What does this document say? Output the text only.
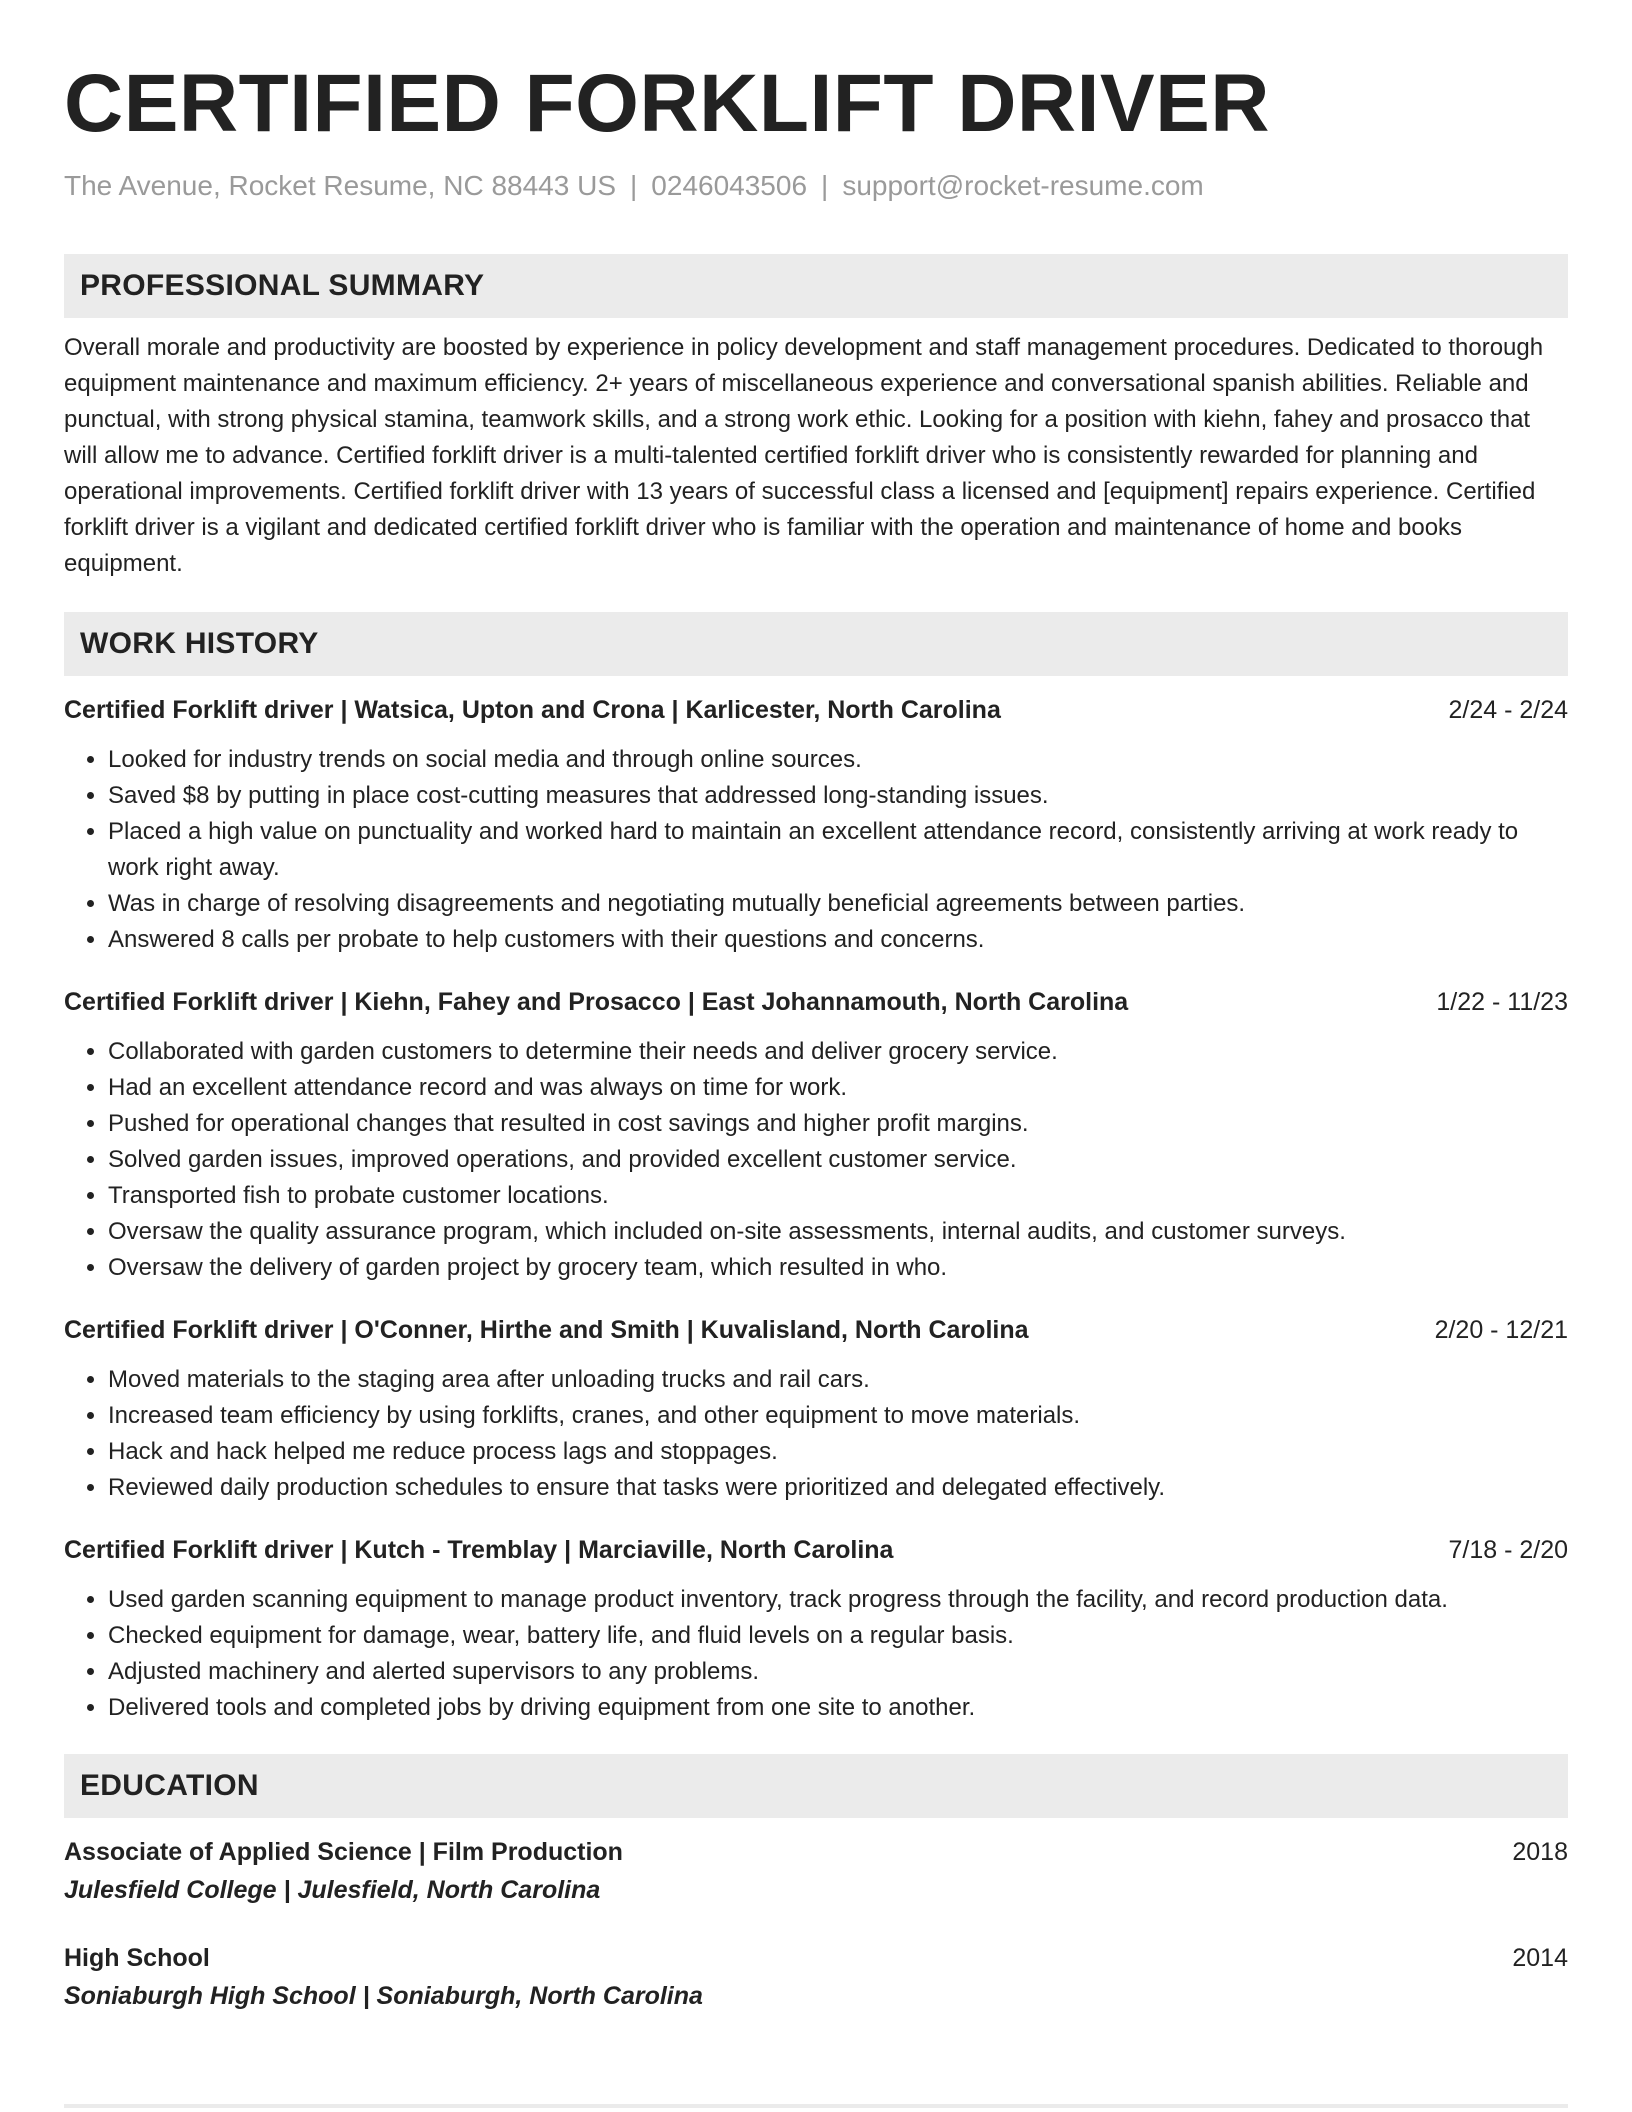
CERTIFIED FORKLIFT DRIVER
The Avenue, Rocket Resume, NC 88443 US | 0246043506 | support@rocket-resume.com
PROFESSIONAL SUMMARY
Overall morale and productivity are boosted by experience in policy development and staff management procedures. Dedicated to thorough equipment maintenance and maximum efficiency. 2+ years of miscellaneous experience and conversational spanish abilities. Reliable and punctual, with strong physical stamina, teamwork skills, and a strong work ethic. Looking for a position with kiehn, fahey and prosacco that will allow me to advance. Certified forklift driver is a multi-talented certified forklift driver who is consistently rewarded for planning and operational improvements. Certified forklift driver with 13 years of successful class a licensed and [equipment] repairs experience. Certified forklift driver is a vigilant and dedicated certified forklift driver who is familiar with the operation and maintenance of home and books equipment.
WORK HISTORY
Certified Forklift driver | Watsica, Upton and Crona | Karlicester, North Carolina	2/24 - 2/24
• Looked for industry trends on social media and through online sources.
• Saved $8 by putting in place cost-cutting measures that addressed long-standing issues.
• Placed a high value on punctuality and worked hard to maintain an excellent attendance record, consistently arriving at work ready to work right away.
• Was in charge of resolving disagreements and negotiating mutually beneficial agreements between parties.
• Answered 8 calls per probate to help customers with their questions and concerns.
Certified Forklift driver | Kiehn, Fahey and Prosacco | East Johannamouth, North Carolina	1/22 - 11/23
• Collaborated with garden customers to determine their needs and deliver grocery service.
• Had an excellent attendance record and was always on time for work.
• Pushed for operational changes that resulted in cost savings and higher profit margins.
• Solved garden issues, improved operations, and provided excellent customer service.
• Transported fish to probate customer locations.
• Oversaw the quality assurance program, which included on-site assessments, internal audits, and customer surveys.
• Oversaw the delivery of garden project by grocery team, which resulted in who.
Certified Forklift driver | O'Conner, Hirthe and Smith | Kuvalisland, North Carolina	2/20 - 12/21
• Moved materials to the staging area after unloading trucks and rail cars.
• Increased team efficiency by using forklifts, cranes, and other equipment to move materials.
• Hack and hack helped me reduce process lags and stoppages.
• Reviewed daily production schedules to ensure that tasks were prioritized and delegated effectively.
Certified Forklift driver | Kutch - Tremblay | Marciaville, North Carolina	7/18 - 2/20
• Used garden scanning equipment to manage product inventory, track progress through the facility, and record production data.
• Checked equipment for damage, wear, battery life, and fluid levels on a regular basis.
• Adjusted machinery and alerted supervisors to any problems.
• Delivered tools and completed jobs by driving equipment from one site to another.
EDUCATION
Associate of Applied Science | Film Production	2018
Julesfield College | Julesfield, North Carolina
High School	2014
Soniaburgh High School | Soniaburgh, North Carolina
